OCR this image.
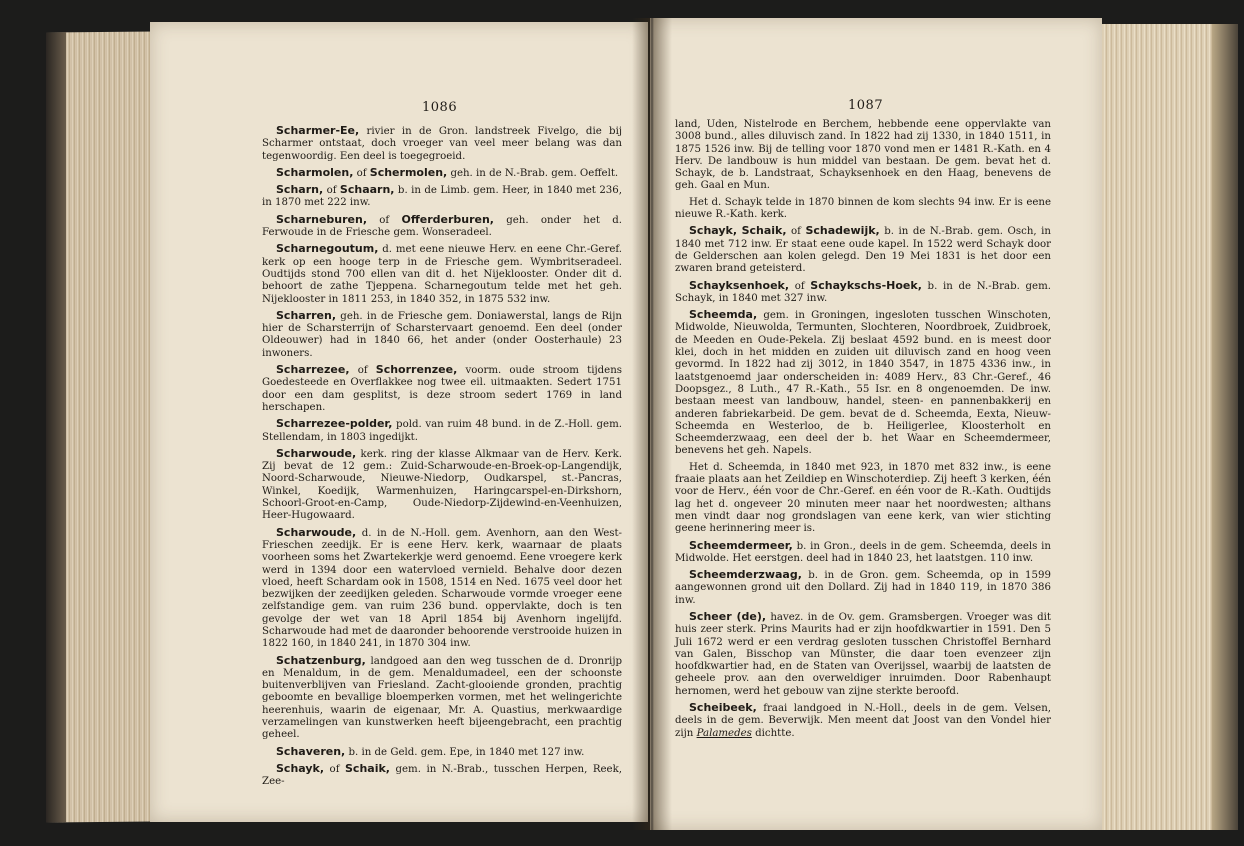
1086

Scharmer-Ee, rivier in de Gron. landstreek Fivelgo, die bij Scharmer ontstaat, doch vroeger van veel meer belang was dan tegenwoordig. Een deel is toegegroeid.

Scharmolen, of Schermolen, geh. in de N.-Brab. gem. Oeffelt.

Scharn, of Schaarn, b. in de Limb. gem. Heer, in 1840 met 236, in 1870 met 222 inw.

Scharneburen, of Offerderburen, geh. onder het d. Ferwoude in de Friesche gem. Wonseradeel.

Scharnegoutum, d. met eene nieuwe Herv. en eene Chr.-Geref. kerk op een hooge terp in de Friesche gem. Wymbritseradeel. Oudtijds stond 700 ellen van dit d. het Nijeklooster. Onder dit d. behoort de zathe Tjeppena. Scharnegoutum telde met het geh. Nijeklooster in 1811 253, in 1840 352, in 1875 532 inw.

Scharren, geh. in de Friesche gem. Doniawerstal, langs de Rijn hier de Scharsterrijn of Scharstervaart genoemd. Een deel (onder Oldeouwer) had in 1840 66, het ander (onder Oosterhaule) 23 inwoners.

Scharrezee, of Schorrenzee, voorm. oude stroom tijdens Goedesteede en Overflakkee nog twee eil. uitmaakten. Sedert 1751 door een dam gesplitst, is deze stroom sedert 1769 in land herschapen.

Scharrezee-polder, pold. van ruim 48 bund. in de Z.-Holl. gem. Stellendam, in 1803 ingedijkt.

Scharwoude, kerk. ring der klasse Alkmaar van de Herv. Kerk. Zij bevat de 12 gem.: Zuid-Scharwoude-en-Broek-op-Langendijk, Noord-Scharwoude, Nieuwe-Niedorp, Oudkarspel, st.-Pancras, Winkel, Koedijk, Warmenhuizen, Haringcarspel-en-Dirkshorn, Schoorl-Groot-en-Camp, Oude-Niedorp-Zijdewind-en-Veenhuizen, Heer-Hugowaard.

Scharwoude, d. in de N.-Holl. gem. Avenhorn, aan den West-Frieschen zeedijk. Er is eene Herv. kerk, waarnaar de plaats voorheen soms het Zwartekerkje werd genoemd. Eene vroegere kerk werd in 1394 door een watervloed vernield. Behalve door dezen vloed, heeft Schardam ook in 1508, 1514 en Ned. 1675 veel door het bezwijken der zeedijken geleden. Scharwoude vormde vroeger eene zelfstandige gem. van ruim 236 bund. oppervlakte, doch is ten gevolge der wet van 18 April 1854 bij Avenhorn ingelijfd. Scharwoude had met de daaronder behoorende verstrooide huizen in 1822 160, in 1840 241, in 1870 304 inw.

Schatzenburg, landgoed aan den weg tusschen de d. Dronrijp en Menaldum, in de gem. Menaldumadeel, een der schoonste buitenverblijven van Friesland. Zacht-glooiende gronden, prachtig geboomte en bevallige bloemperken vormen, met het welingerichte heerenhuis, waarin de eigenaar, Mr. A. Quastius, merkwaardige verzamelingen van kunstwerken heeft bijeengebracht, een prachtig geheel.

Schaveren, b. in de Geld. gem. Epe, in 1840 met 127 inw.

Schayk, of Schaik, gem. in N.-Brab., tusschen Herpen, Reek, Zee-

1087

land, Uden, Nistelrode en Berchem, hebbende eene oppervlakte van 3008 bund., alles diluvisch zand. In 1822 had zij 1330, in 1840 1511, in 1875 1526 inw. Bij de telling voor 1870 vond men er 1481 R.-Kath. en 4 Herv. De landbouw is hun middel van bestaan. De gem. bevat het d. Schayk, de b. Landstraat, Schayksenhoek en den Haag, benevens de geh. Gaal en Mun.

Het d. Schayk telde in 1870 binnen de kom slechts 94 inw. Er is eene nieuwe R.-Kath. kerk.

Schayk, Schaik, of Schadewijk, b. in de N.-Brab. gem. Osch, in 1840 met 712 inw. Er staat eene oude kapel. In 1522 werd Schayk door de Gelderschen aan kolen gelegd. Den 19 Mei 1831 is het door een zwaren brand geteisterd.

Schayksenhoek, of Schaykschs-Hoek, b. in de N.-Brab. gem. Schayk, in 1840 met 327 inw.

Scheemda, gem. in Groningen, ingesloten tusschen Winschoten, Midwolde, Nieuwolda, Termunten, Slochteren, Noordbroek, Zuidbroek, de Meeden en Oude-Pekela. Zij beslaat 4592 bund. en is meest door klei, doch in het midden en zuiden uit diluvisch zand en hoog veen gevormd. In 1822 had zij 3012, in 1840 3547, in 1875 4336 inw., in laatstgenoemd jaar onderscheiden in: 4089 Herv., 83 Chr.-Geref., 46 Doopsgez., 8 Luth., 47 R.-Kath., 55 Isr. en 8 ongenoemden. De inw. bestaan meest van landbouw, handel, steen- en pannenbakkerij en anderen fabriekarbeid. De gem. bevat de d. Scheemda, Eexta, Nieuw-Scheemda en Westerloo, de b. Heiligerlee, Kloosterholt en Scheemderzwaag, een deel der b. het Waar en Scheemdermeer, benevens het geh. Napels.

Het d. Scheemda, in 1840 met 923, in 1870 met 832 inw., is eene fraaie plaats aan het Zeildiep en Winschoterdiep. Zij heeft 3 kerken, één voor de Herv., één voor de Chr.-Geref. en één voor de R.-Kath. Oudtijds lag het d. ongeveer 20 minuten meer naar het noordwesten; althans men vindt daar nog grondslagen van eene kerk, van wier stichting geene herinnering meer is.

Scheemdermeer, b. in Gron., deels in de gem. Scheemda, deels in Midwolde. Het eerstgen. deel had in 1840 23, het laatstgen. 110 inw.

Scheemderzwaag, b. in de Gron. gem. Scheemda, op in 1599 aangewonnen grond uit den Dollard. Zij had in 1840 119, in 1870 386 inw.

Scheer (de), havez. in de Ov. gem. Gramsbergen. Vroeger was dit huis zeer sterk. Prins Maurits had er zijn hoofdkwartier in 1591. Den 5 Juli 1672 werd er een verdrag gesloten tusschen Christoffel Bernhard van Galen, Bisschop van Münster, die daar toen evenzeer zijn hoofdkwartier had, en de Staten van Overijssel, waarbij de laatsten de geheele prov. aan den overweldiger inruimden. Door Rabenhaupt hernomen, werd het gebouw van zijne sterkte beroofd.

Scheibeek, fraai landgoed in N.-Holl., deels in de gem. Velsen, deels in de gem. Beverwijk. Men meent dat Joost van den Vondel hier zijn Palamedes dichtte.
